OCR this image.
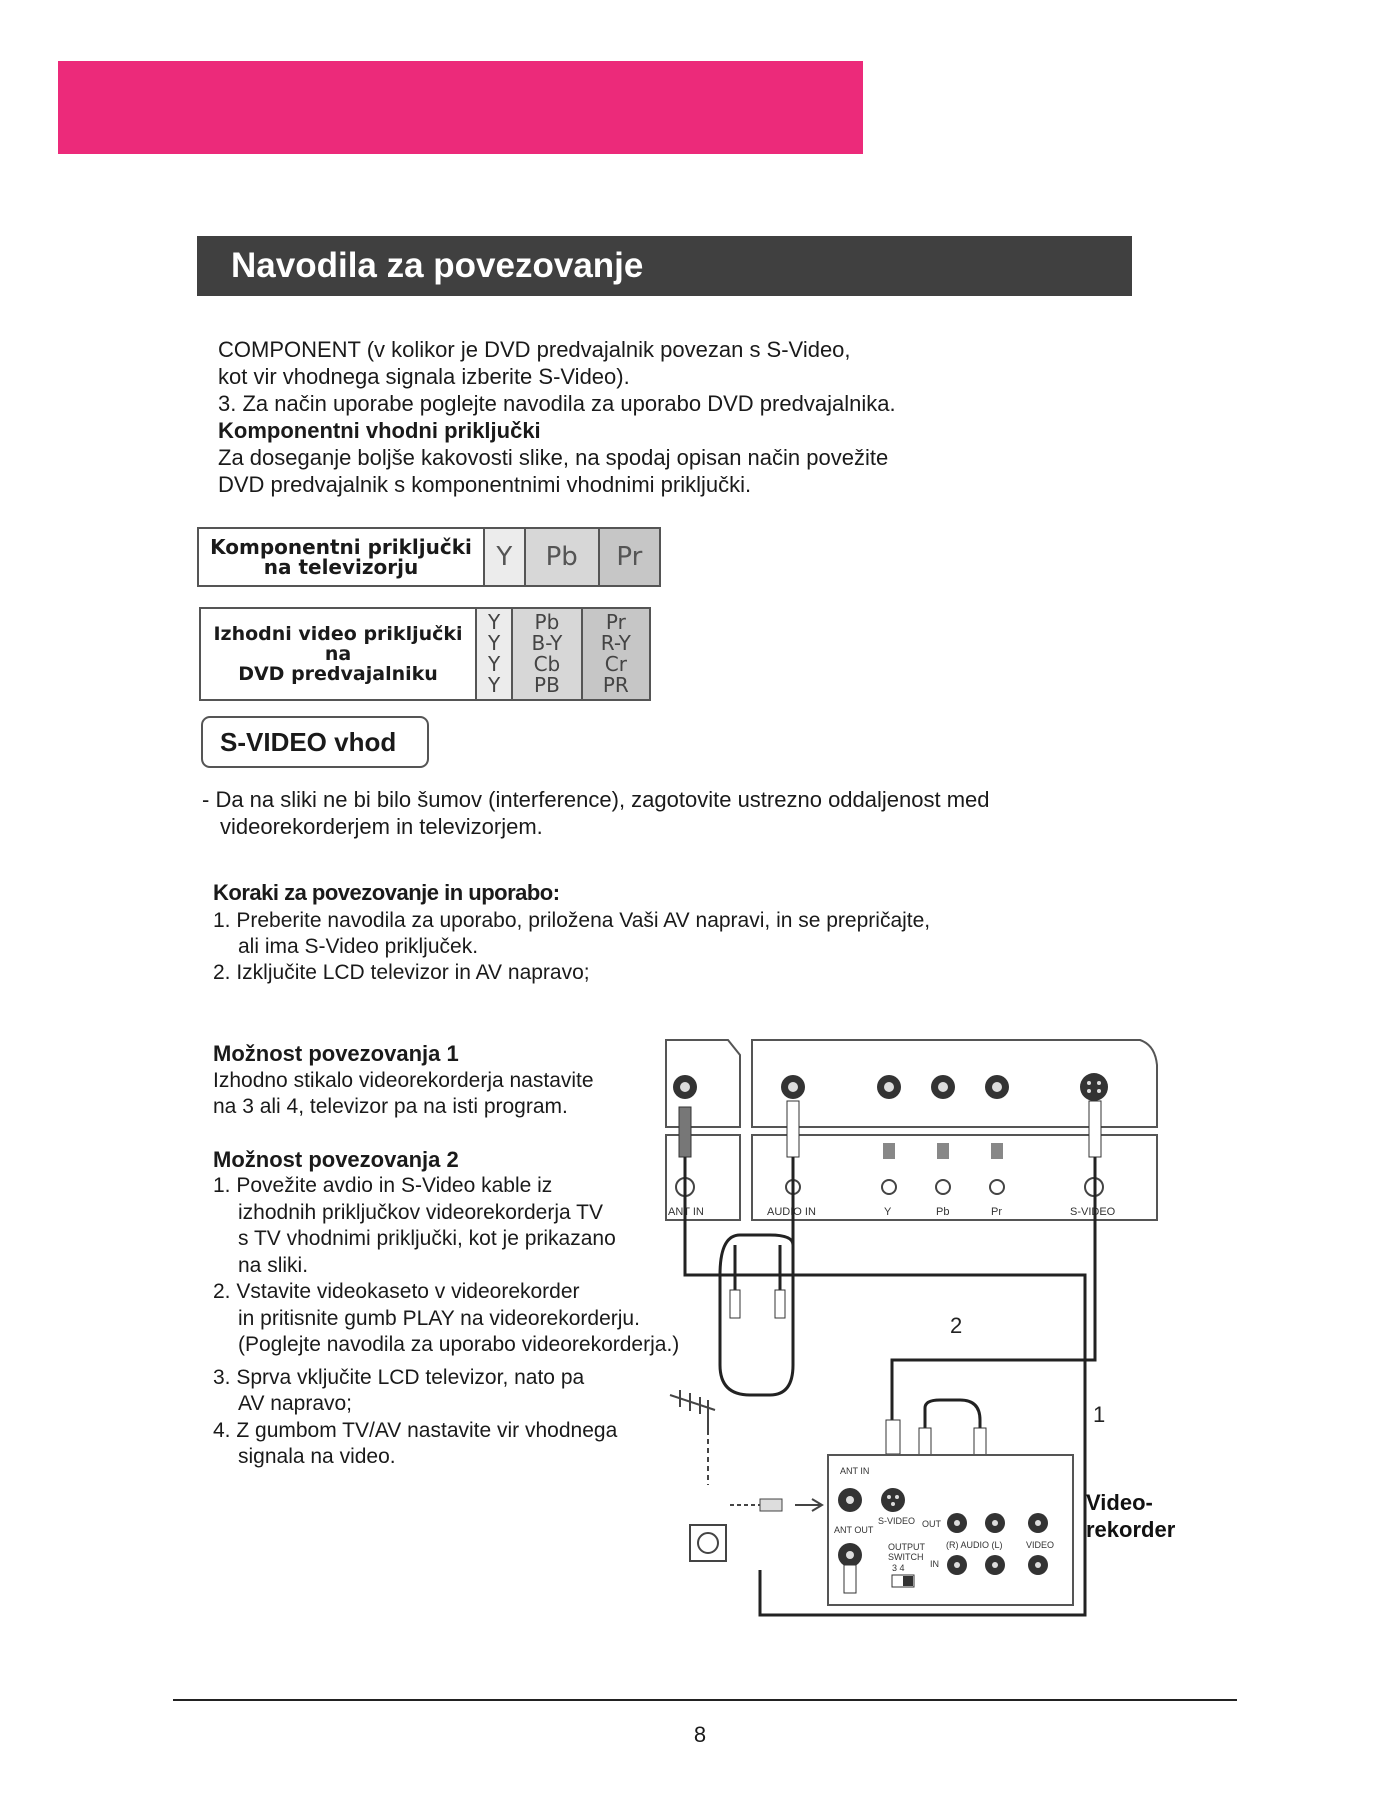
Navodila za povezovanje
COMPONENT (v kolikor je DVD predvajalnik povezan s S-Video,
kot vir vhodnega signala izberite S-Video).
3. Za način uporabe poglejte navodila za uporabo DVD predvajalnika.
Komponentni vhodni priključki
Za doseganje boljše kakovosti slike, na spodaj opisan način povežite
DVD predvajalnik s komponentnimi vhodnimi priključki.
Komponentni priključki
na televizorju	Y	Pb	Pr
Izhodni video priključki
na
DVD predvajalniku

Y
Y
Y
Y

Pb
B-Y
Cb
PB

Pr
R-Y
Cr
PR
S-VIDEO vhod
- Da na sliki ne bi bilo šumov (interference), zagotovite ustrezno oddaljenost med
videorekorderjem in televizorjem.
Koraki za povezovanje in uporabo:
1. Preberite navodila za uporabo, priložena Vaši AV napravi, in se prepričajte,
ali ima S-Video priključek.
2. Izključite LCD televizor in AV napravo;
Možnost povezovanja 1
Izhodno stikalo videorekorderja nastavite
na 3 ali 4, televizor pa na isti program.
Možnost povezovanja 2
1. Povežite avdio in S-Video kable iz
izhodnih priključkov videorekorderja TV
s TV vhodnimi priključki, kot je prikazano
na sliki.
2. Vstavite videokaseto v videorekorder
in pritisnite gumb PLAY na videorekorderju.
(Poglejte navodila za uporabo videorekorderja.)
3. Sprva vključite LCD televizor, nato pa
AV napravo;
4. Z gumbom TV/AV nastavite vir vhodnega
signala na video.
ANT IN	AUDIO IN	Y	Pb	Pr	S-VIDEO
2
1
ANT IN
ANT OUT
S-VIDEO OUT
(R) AUDIO (L)	VIDEO
OUTPUT
SWITCH
3 4	IN
Video-
rekorder
8
